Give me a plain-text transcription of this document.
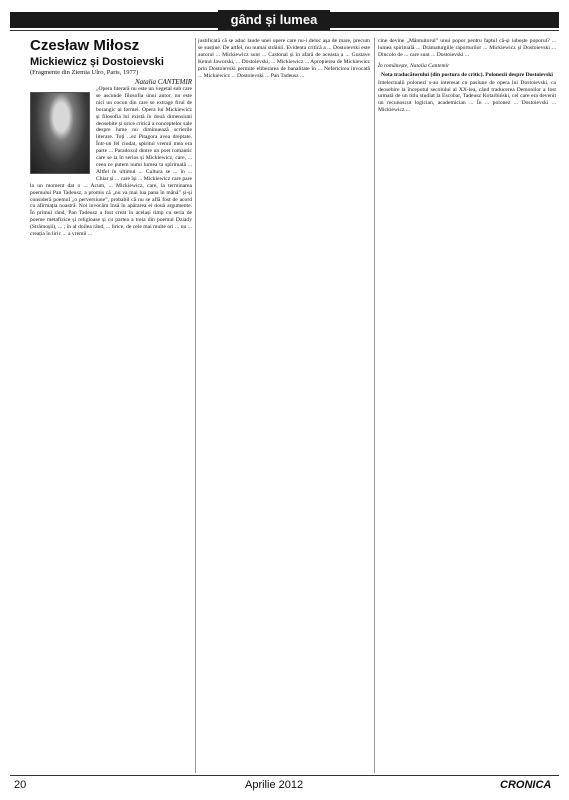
gând și lumea
Czesław Miłosz
Mickiewicz și Dostoievski
(Fragmente din Ziemia Ulro, Paris, 1977)
Natalia CANTEMIR
„Opera literară nu este un vegetal sub care se ascunde filosofia unui autor, nu este nici un cocon din care se extrage firul de borangic al formei. Opera lui Mickiewicz și filosofia lui există în două dimensiuni deosebite și orice critică a conceptelor sale despre lume nu diminuează scrierile literare. Toți ...ez Pitagora avea dreptate. Într-un fel ciudat, spiritul vremii mea era parte ... Paradoxul dintre un poet romantic care se ia în serios și Mickiewicz, care, ... ceea ce putem numi lumea ta spirituală ... Altfel în ultimul ... Cultura se ... în ... Chiar și ... care își ... Mickiewicz care pare la un moment dat o ... Acum, ... Mickiewicz, care, la terminarea poemului Pan Tadeusz, a promis că „nu va mai lua pana în mână” și-și consideră poemul „o perversiune”, probabil că nu se află fost de acord cu afirmația noastră. Noi invocăm însă în apărarea ei două argumente. În primul rând, Pan Tadeusz a fost creat în același timp cu seria de poeme metafizice și religioase și cu partea a treia din poemul Dziady (Strămoșii), ... ; în al doilea rând, ... lirice, de cele mai multe ori ... nu ... creația în liric ... a vremii ...
justificată că se aduc laude unei opere care nu-i deloc așa de mare, precum se susține. De altfel, nu numai străinii. Evidenta critică a ... Dostoievski este autorul ... Mickiewicz sunt ... Castonal și în afară de aceasta a ... Gustave Kenul Jaworski, ... Dostoievski, ... Mickiewicz ... Apropierea de Mickiewicz prin Dostoievski permite eliberarea de banalitate în ... Nefericirea invocată ... Mickiewicz ... Dostoievski ... Pan Tadeusz ...
cine devine „Mântuitorul” unui popor pentru faptul că-și iubește poporul? ... lumea spirituală ... Dramaturgiile raporturilor ... Mickiewicz și Dostoievski ... Dincolo de ... care sunt ... Dostoievski ...
În românește, Natalia Cantemir
Nota traducătorului (din postura de critic). Polonezii despre Dostoievski
Intelectualii polonezi s-au interesat cu pasiune de opera lui Dostoievski, ca deosebire la începutul secolului al XX-lea, când traducerea Demonilor a fost urmată de un titlu studiat la Escobar, Tadeusz Kotarbiński, cel care era devenit un recunoscut logician, academician ... În ... polonez ... Dostoievski ... Mickiewicz ...
20	Aprilie 2012	CRONICA
